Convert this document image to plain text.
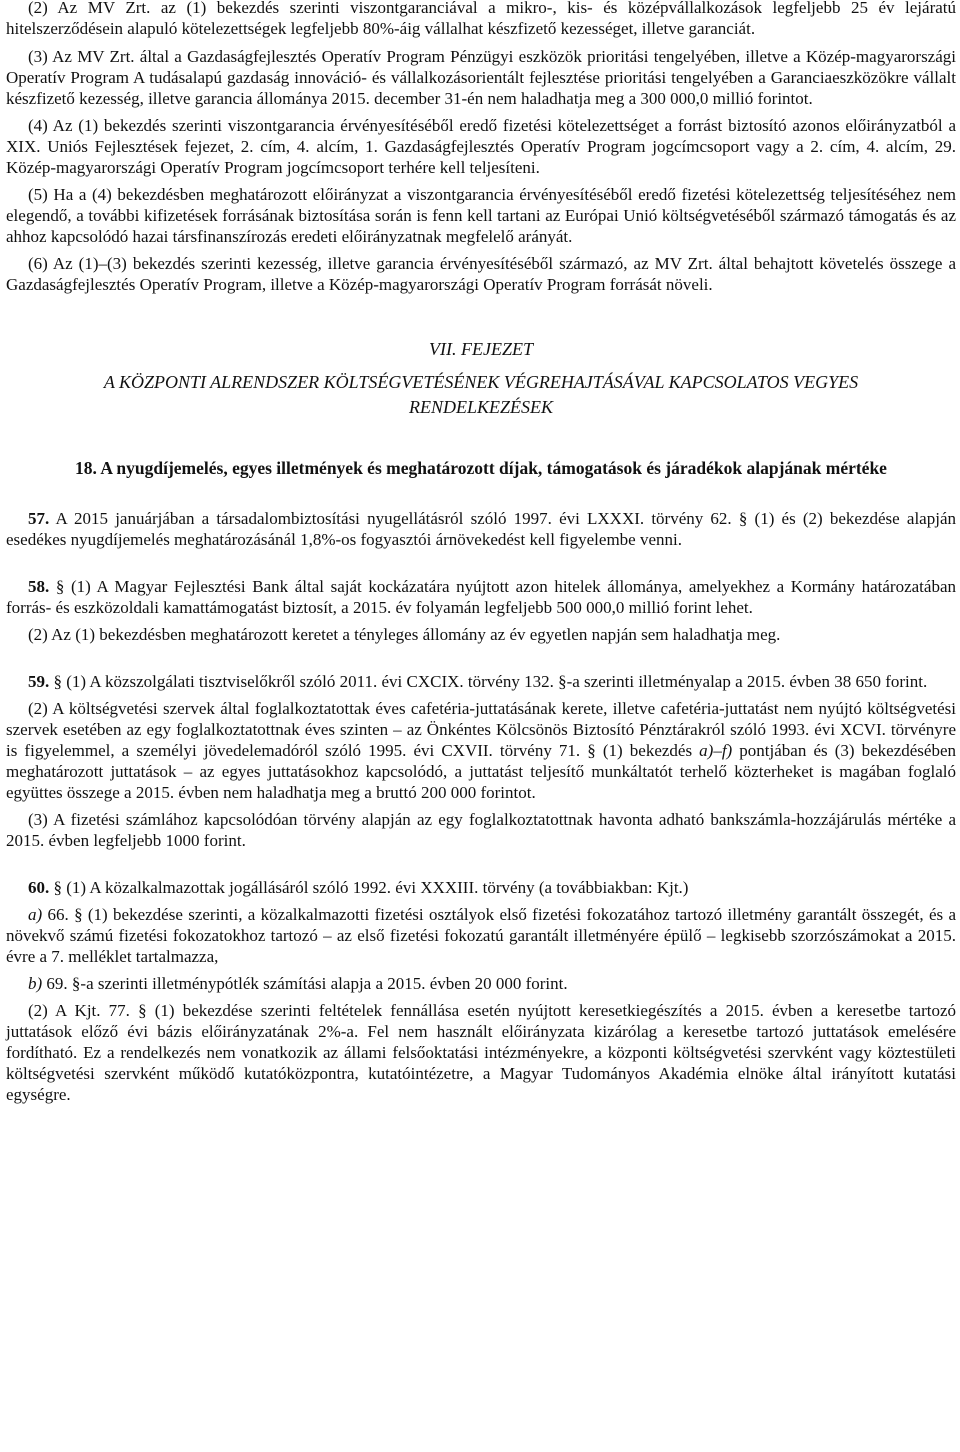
(2) Az MV Zrt. az (1) bekezdés szerinti viszontgaranciával a mikro-, kis- és középvállalkozások legfeljebb 25 év lejáratú hitelszerződésein alapuló kötelezettségek legfeljebb 80%-áig vállalhat készfizető kezességet, illetve garanciát.

(3) Az MV Zrt. által a Gazdaságfejlesztés Operatív Program Pénzügyi eszközök prioritási tengelyében, illetve a Közép-magyarországi Operatív Program A tudásalapú gazdaság innováció- és vállalkozásorientált fejlesztése prioritási tengelyében a Garanciaeszközökre vállalt készfizető kezesség, illetve garancia állománya 2015. december 31-én nem haladhatja meg a 300 000,0 millió forintot.

(4) Az (1) bekezdés szerinti viszontgarancia érvényesítéséből eredő fizetési kötelezettséget a forrást biztosító azonos előirányzatból a XIX. Uniós Fejlesztések fejezet, 2. cím, 4. alcím, 1. Gazdaságfejlesztés Operatív Program jogcímcsoport vagy a 2. cím, 4. alcím, 29. Közép-magyarországi Operatív Program jogcímcsoport terhére kell teljesíteni.

(5) Ha a (4) bekezdésben meghatározott előirányzat a viszontgarancia érvényesítéséből eredő fizetési kötelezettség teljesítéséhez nem elegendő, a további kifizetések forrásának biztosítása során is fenn kell tartani az Európai Unió költségvetéséből származó támogatás és az ahhoz kapcsolódó hazai társfinanszírozás eredeti előirányzatnak megfelelő arányát.

(6) Az (1)–(3) bekezdés szerinti kezesség, illetve garancia érvényesítéséből származó, az MV Zrt. által behajtott követelés összege a Gazdaságfejlesztés Operatív Program, illetve a Közép-magyarországi Operatív Program forrását növeli.

VII. FEJEZET
A KÖZPONTI ALRENDSZER KÖLTSÉGVETÉSÉNEK VÉGREHAJTÁSÁVAL KAPCSOLATOS VEGYES RENDELKEZÉSEK
18. A nyugdíjemelés, egyes illetmények és meghatározott díjak, támogatások és járadékok alapjának mértéke

57. A 2015 januárjában a társadalombiztosítási nyugellátásról szóló 1997. évi LXXXI. törvény 62. § (1) és (2) bekezdése alapján esedékes nyugdíjemelés meghatározásánál 1,8%-os fogyasztói árnövekedést kell figyelembe venni.

58. § (1) A Magyar Fejlesztési Bank által saját kockázatára nyújtott azon hitelek állománya, amelyekhez a Kormány határozatában forrás- és eszközoldali kamattámogatást biztosít, a 2015. év folyamán legfeljebb 500 000,0 millió forint lehet.

(2) Az (1) bekezdésben meghatározott keretet a tényleges állomány az év egyetlen napján sem haladhatja meg.

59. § (1) A közszolgálati tisztviselőkről szóló 2011. évi CXCIX. törvény 132. §-a szerinti illetményalap a 2015. évben 38 650 forint.

(2) A költségvetési szervek által foglalkoztatottak éves cafetéria-juttatásának kerete, illetve cafetéria-juttatást nem nyújtó költségvetési szervek esetében az egy foglalkoztatottnak éves szinten – az Önkéntes Kölcsönös Biztosító Pénztárakról szóló 1993. évi XCVI. törvényre is figyelemmel, a személyi jövedelemadóról szóló 1995. évi CXVII. törvény 71. § (1) bekezdés a)–f) pontjában és (3) bekezdésében meghatározott juttatások – az egyes juttatásokhoz kapcsolódó, a juttatást teljesítő munkáltatót terhelő közterheket is magában foglaló együttes összege a 2015. évben nem haladhatja meg a bruttó 200 000 forintot.

(3) A fizetési számlához kapcsolódóan törvény alapján az egy foglalkoztatottnak havonta adható bankszámla-hozzájárulás mértéke a 2015. évben legfeljebb 1000 forint.

60. § (1) A közalkalmazottak jogállásáról szóló 1992. évi XXXIII. törvény (a továbbiakban: Kjt.)

a) 66. § (1) bekezdése szerinti, a közalkalmazotti fizetési osztályok első fizetési fokozatához tartozó illetmény garantált összegét, és a növekvő számú fizetési fokozatokhoz tartozó – az első fizetési fokozatú garantált illetményére épülő – legkisebb szorzószámokat a 2015. évre a 7. melléklet tartalmazza,

b) 69. §-a szerinti illetménypótlék számítási alapja a 2015. évben 20 000 forint.

(2) A Kjt. 77. § (1) bekezdése szerinti feltételek fennállása esetén nyújtott keresetkiegészítés a 2015. évben a keresetbe tartozó juttatások előző évi bázis előirányzatának 2%-a. Fel nem használt előirányzata kizárólag a keresetbe tartozó juttatások emelésére fordítható. Ez a rendelkezés nem vonatkozik az állami felsőoktatási intézményekre, a központi költségvetési szervként vagy köztestületi költségvetési szervként működő kutatóközpontra, kutatóintézetre, a Magyar Tudományos Akadémia elnöke által irányított kutatási egységre.
